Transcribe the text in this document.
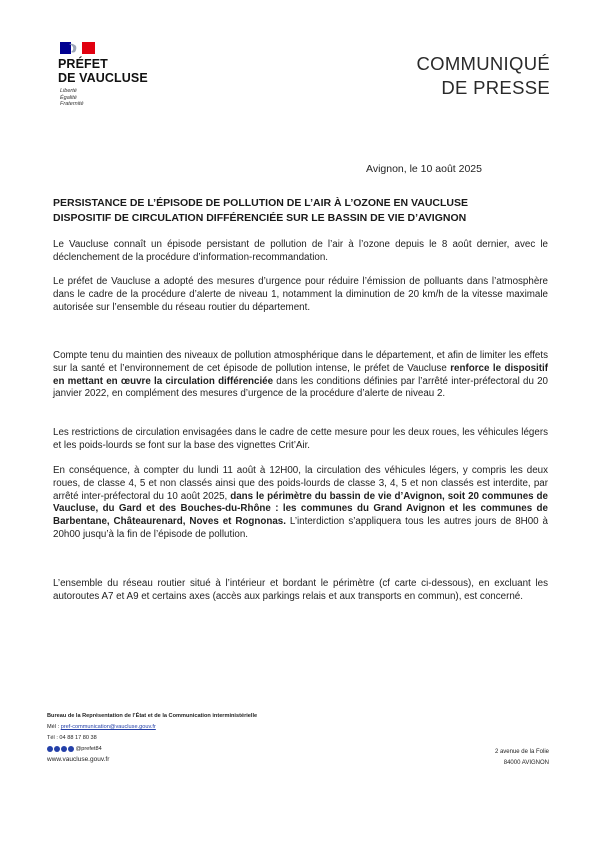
PRÉFET
DE VAUCLUSE
Liberté
Égalité
Fraternité
COMMUNIQUÉ
DE PRESSE
Avignon, le 10 août 2025
PERSISTANCE DE L’ÉPISODE DE POLLUTION DE L’AIR À L’OZONE EN VAUCLUSE
DISPOSITIF DE CIRCULATION DIFFÉRENCIÉE SUR LE BASSIN DE VIE D’AVIGNON
Le Vaucluse connaît un épisode persistant de pollution de l’air à l’ozone depuis le 8 août dernier, avec le déclenchement de la procédure d’information-recommandation.
Le préfet de Vaucluse a adopté des mesures d’urgence pour réduire l’émission de polluants dans l’atmosphère dans le cadre de la procédure d’alerte de niveau 1, notamment la diminution de 20 km/h de la vitesse maximale autorisée sur l’ensemble du réseau routier du département.
Compte tenu du maintien des niveaux de pollution atmosphérique dans le département, et afin de limiter les effets sur la santé et l’environnement de cet épisode de pollution intense, le préfet de Vaucluse renforce le dispositif en mettant en œuvre la circulation différenciée dans les conditions définies par l’arrêté inter-préfectoral du 20 janvier 2022, en complément des mesures d’urgence de la procédure d’alerte de niveau 2.
Les restrictions de circulation envisagées dans le cadre de cette mesure pour les deux roues, les véhicules légers et les poids-lourds se font sur la base des vignettes Crit’Air.
En conséquence, à compter du lundi 11 août à 12H00, la circulation des véhicules légers, y compris les deux roues, de classe 4, 5 et non classés ainsi que des poids-lourds de classe 3, 4, 5 et non classés est interdite, par arrêté inter-préfectoral du 10 août 2025, dans le périmètre du bassin de vie d’Avignon, soit 20 communes de Vaucluse, du Gard et des Bouches-du-Rhône : les communes du Grand Avignon et les communes de Barbentane, Châteaurenard, Noves et Rognonas. L’interdiction s’appliquera tous les autres jours de 8H00 à 20h00 jusqu’à la fin de l’épisode de pollution.
L’ensemble du réseau routier situé à l’intérieur et bordant le périmètre (cf carte ci-dessous), en excluant les autoroutes A7 et A9 et certains axes (accès aux parkings relais et aux transports en commun), est concerné.
Bureau de la Représentation de l’État et de la Communication interministérielle
Mél : pref-communication@vaucluse.gouv.fr
Tél : 04 88 17 80 38
@prefet84
www.vaucluse.gouv.fr
2 avenue de la Folie
84000 AVIGNON
